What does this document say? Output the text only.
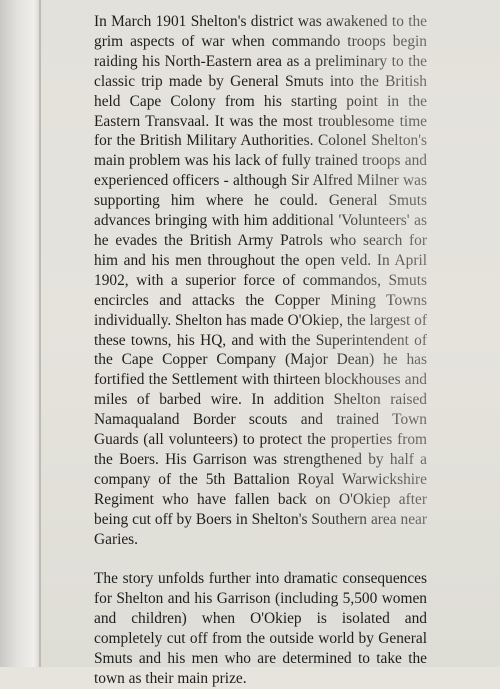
In March 1901 Shelton's district was awakened to the grim aspects of war when commando troops begin raiding his North-Eastern area as a preliminary to the classic trip made by General Smuts into the British held Cape Colony from his starting point in the Eastern Transvaal. It was the most troublesome time for the British Military Authorities. Colonel Shelton's main problem was his lack of fully trained troops and experienced officers - although Sir Alfred Milner was supporting him where he could. General Smuts advances bringing with him additional 'Volunteers' as he evades the British Army Patrols who search for him and his men throughout the open veld. In April 1902, with a superior force of commandos, Smuts encircles and attacks the Copper Mining Towns individually. Shelton has made O'Okiep, the largest of these towns, his HQ, and with the Superintendent of the Cape Copper Company (Major Dean) he has fortified the Settlement with thirteen blockhouses and miles of barbed wire. In addition Shelton raised Namaqualand Border scouts and trained Town Guards (all volunteers) to protect the properties from the Boers. His Garrison was strengthened by half a company of the 5th Battalion Royal Warwickshire Regiment who have fallen back on O'Okiep after being cut off by Boers in Shelton's Southern area near Garies.

The story unfolds further into dramatic consequences for Shelton and his Garrison (including 5,500 women and children) when O'Okiep is isolated and completely cut off from the outside world by General Smuts and his men who are determined to take the town as their main prize.
